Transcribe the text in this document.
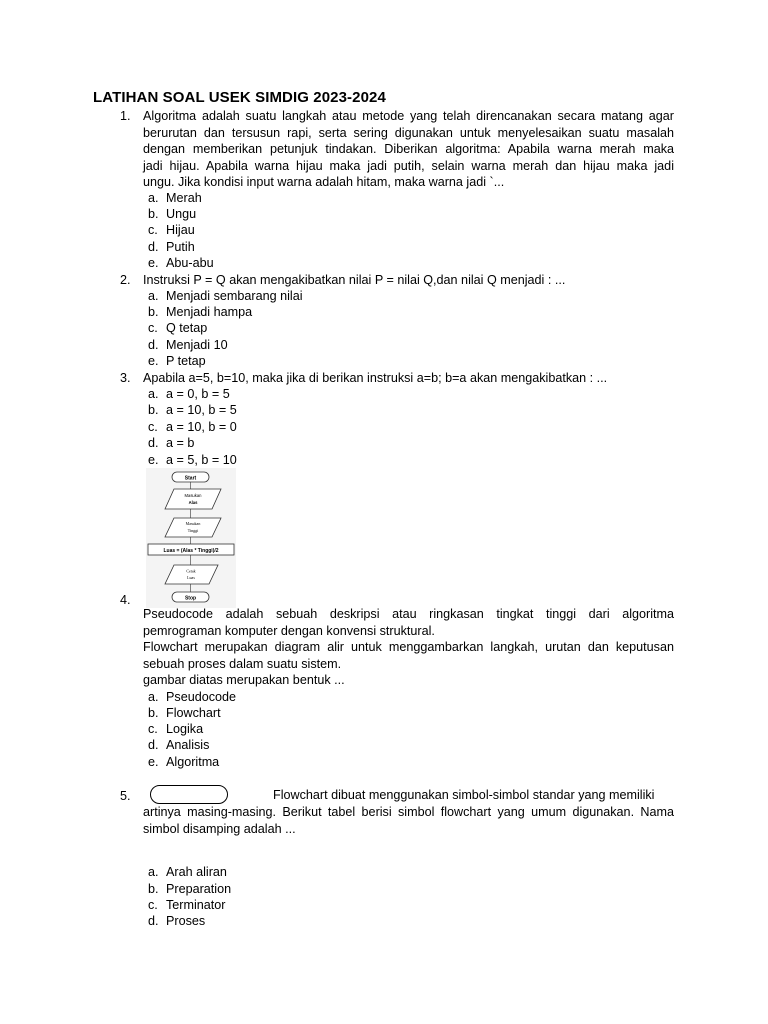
LATIHAN SOAL USEK SIMDIG 2023-2024
1. Algoritma adalah suatu langkah atau metode yang telah direncanakan secara matang agar
berurutan dan tersusun rapi, serta sering digunakan untuk menyelesaikan suatu masalah
dengan memberikan petunjuk tindakan. Diberikan algoritma: Apabila warna merah maka
jadi hijau. Apabila warna hijau maka jadi putih, selain warna merah dan hijau maka jadi
ungu. Jika kondisi input warna adalah hitam, maka warna jadi `...
a. Merah
b. Ungu
c. Hijau
d. Putih
e. Abu-abu
2. Instruksi P = Q akan mengakibatkan nilai P = nilai Q,dan nilai Q menjadi : ...
a. Menjadi sembarang nilai
b. Menjadi hampa
c. Q tetap
d. Menjadi 10
e. P tetap
3. Apabila a=5, b=10, maka jika di berikan instruksi a=b; b=a akan mengakibatkan : ...
a. a = 0, b = 5
b. a = 10, b = 5
c. a = 10, b = 0
d. a = b
e. a = 5, b = 10
Start
Masukan
Alas
Masukan
Tinggi
Luas = (Alas * Tinggi)/2
Cetak
Luas
Stop
4.
Pseudocode adalah sebuah deskripsi atau ringkasan tingkat tinggi dari algoritma
pemrograman komputer dengan konvensi struktural.
Flowchart merupakan diagram alir untuk menggambarkan langkah, urutan dan keputusan
sebuah proses dalam suatu sistem.
gambar diatas merupakan bentuk ...
a. Pseudocode
b. Flowchart
c. Logika
d. Analisis
e. Algoritma
5.	Flowchart dibuat menggunakan simbol-simbol standar yang memiliki
artinya masing-masing. Berikut tabel berisi simbol flowchart yang umum digunakan. Nama
simbol disamping adalah ...
a. Arah aliran
b. Preparation
c. Terminator
d. Proses
